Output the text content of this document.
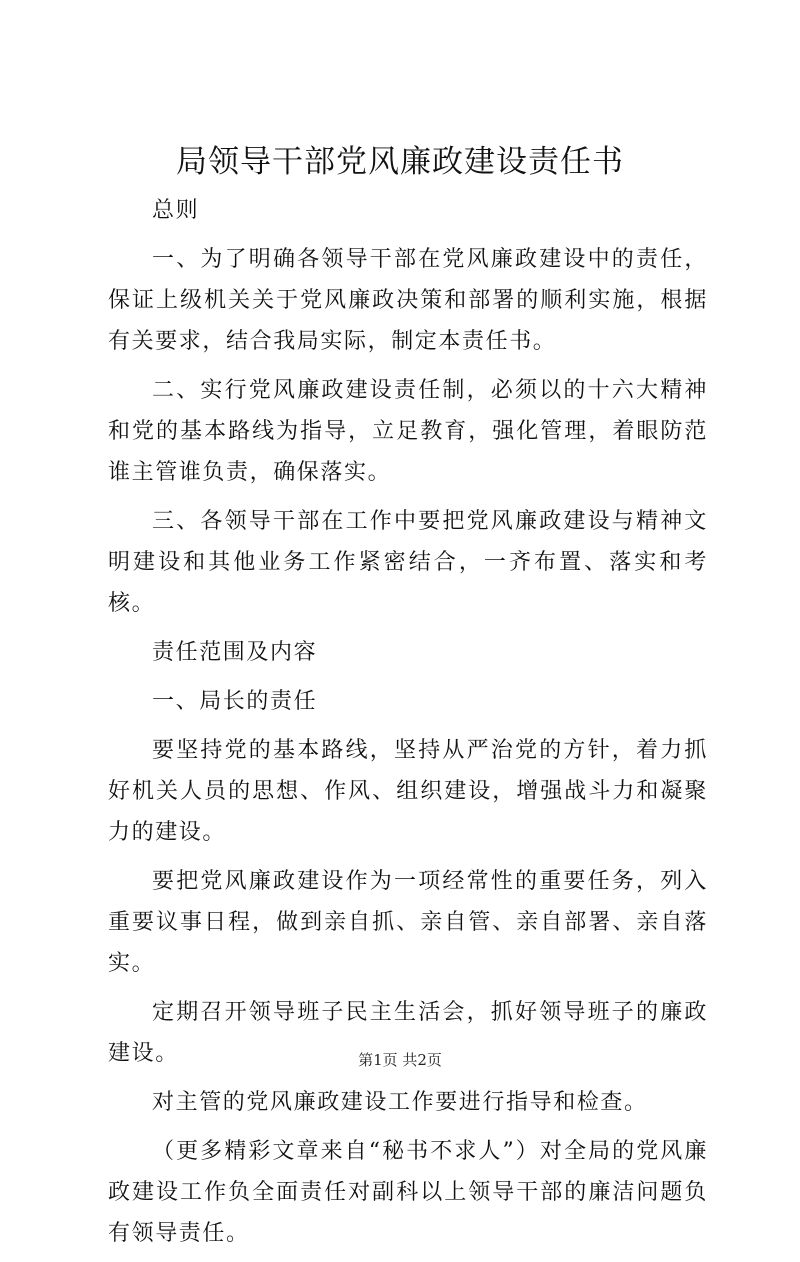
局领导干部党风廉政建设责任书

总则

一、为了明确各领导干部在党风廉政建设中的责任，保证上级机关关于党风廉政决策和部署的顺利实施，根据有关要求，结合我局实际，制定本责任书。

二、实行党风廉政建设责任制，必须以的十六大精神和党的基本路线为指导，立足教育，强化管理，着眼防范谁主管谁负责，确保落实。

三、各领导干部在工作中要把党风廉政建设与精神文明建设和其他业务工作紧密结合，一齐布置、落实和考核。

责任范围及内容

一、局长的责任

要坚持党的基本路线，坚持从严治党的方针，着力抓好机关人员的思想、作风、组织建设，增强战斗力和凝聚力的建设。

要把党风廉政建设作为一项经常性的重要任务，列入重要议事日程，做到亲自抓、亲自管、亲自部署、亲自落实。

定期召开领导班子民主生活会，抓好领导班子的廉政建设。

对主管的党风廉政建设工作要进行指导和检查。

（更多精彩文章来自“秘书不求人”）对全局的党风廉政建设工作负全面责任对副科以上领导干部的廉洁问题负有领导责任。

第1页 共2页
